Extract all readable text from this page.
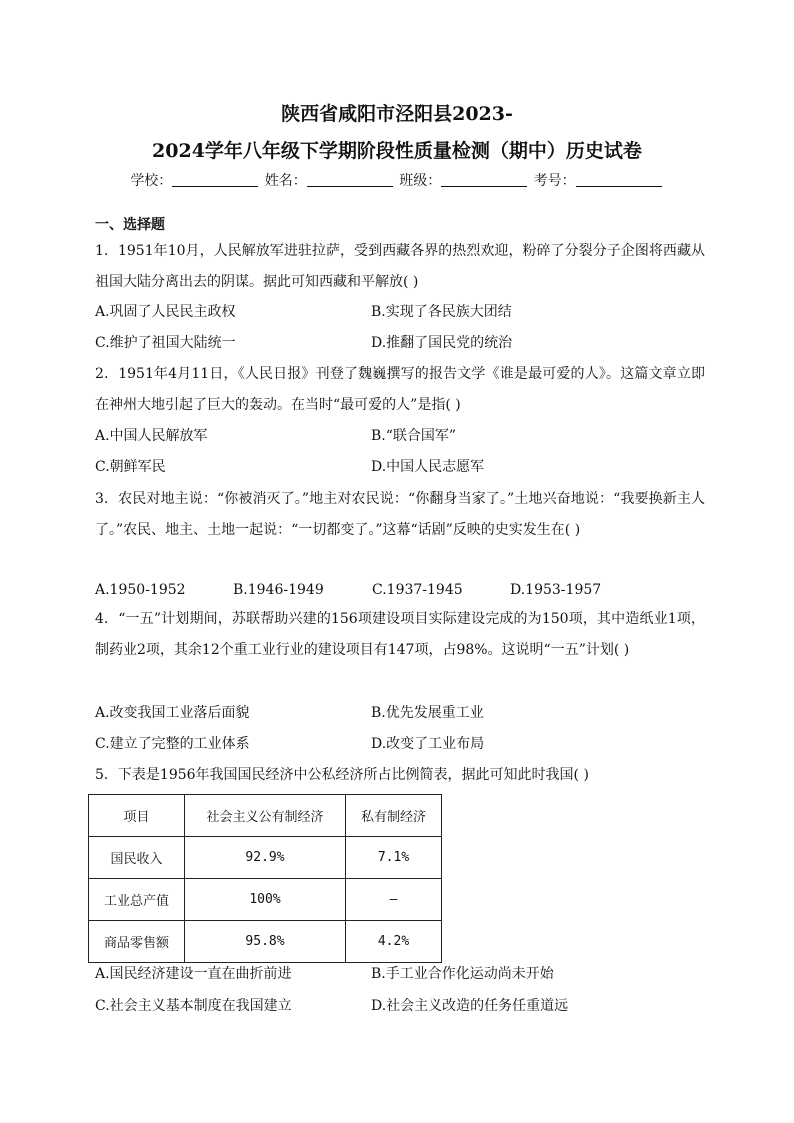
陕西省咸阳市泾阳县2023-
2024学年八年级下学期阶段性质量检测（期中）历史试卷
学校：	姓名：	班级：	考号：
一、选择题
1．1951年10月，人民解放军进驻拉萨，受到西藏各界的热烈欢迎，粉碎了分裂分子企图将西藏从祖国大陆分离出去的阴谋。据此可知西藏和平解放( )
A.巩固了人民民主政权	B.实现了各民族大团结
C.维护了祖国大陆统一	D.推翻了国民党的统治
2．1951年4月11日，《人民日报》刊登了魏巍撰写的报告文学《谁是最可爱的人》。这篇文章立即在神州大地引起了巨大的轰动。在当时“最可爱的人”是指( )
A.中国人民解放军	B.“联合国军”
C.朝鲜军民	D.中国人民志愿军
3．农民对地主说：“你被消灭了。”地主对农民说：“你翻身当家了。”土地兴奋地说：“我要换新主人了。”农民、地主、土地一起说：“一切都变了。”这幕“话剧”反映的史实发生在( )
A.1950-1952	B.1946-1949	C.1937-1945	D.1953-1957
4．“一五”计划期间，苏联帮助兴建的156项建设项目实际建设完成的为150项，其中造纸业1项，制药业2项，其余12个重工业行业的建设项目有147项，占98%。这说明“一五”计划( )
A.改变我国工业落后面貌	B.优先发展重工业
C.建立了完整的工业体系	D.改变了工业布局
5．下表是1956年我国国民经济中公私经济所占比例简表，据此可知此时我国( )
项目	社会主义公有制经济	私有制经济
国民收入	92.9%	7.1%
工业总产值	100%	—
商品零售额	95.8%	4.2%
A.国民经济建设一直在曲折前进	B.手工业合作化运动尚未开始
C.社会主义基本制度在我国建立	D.社会主义改造的任务任重道远
